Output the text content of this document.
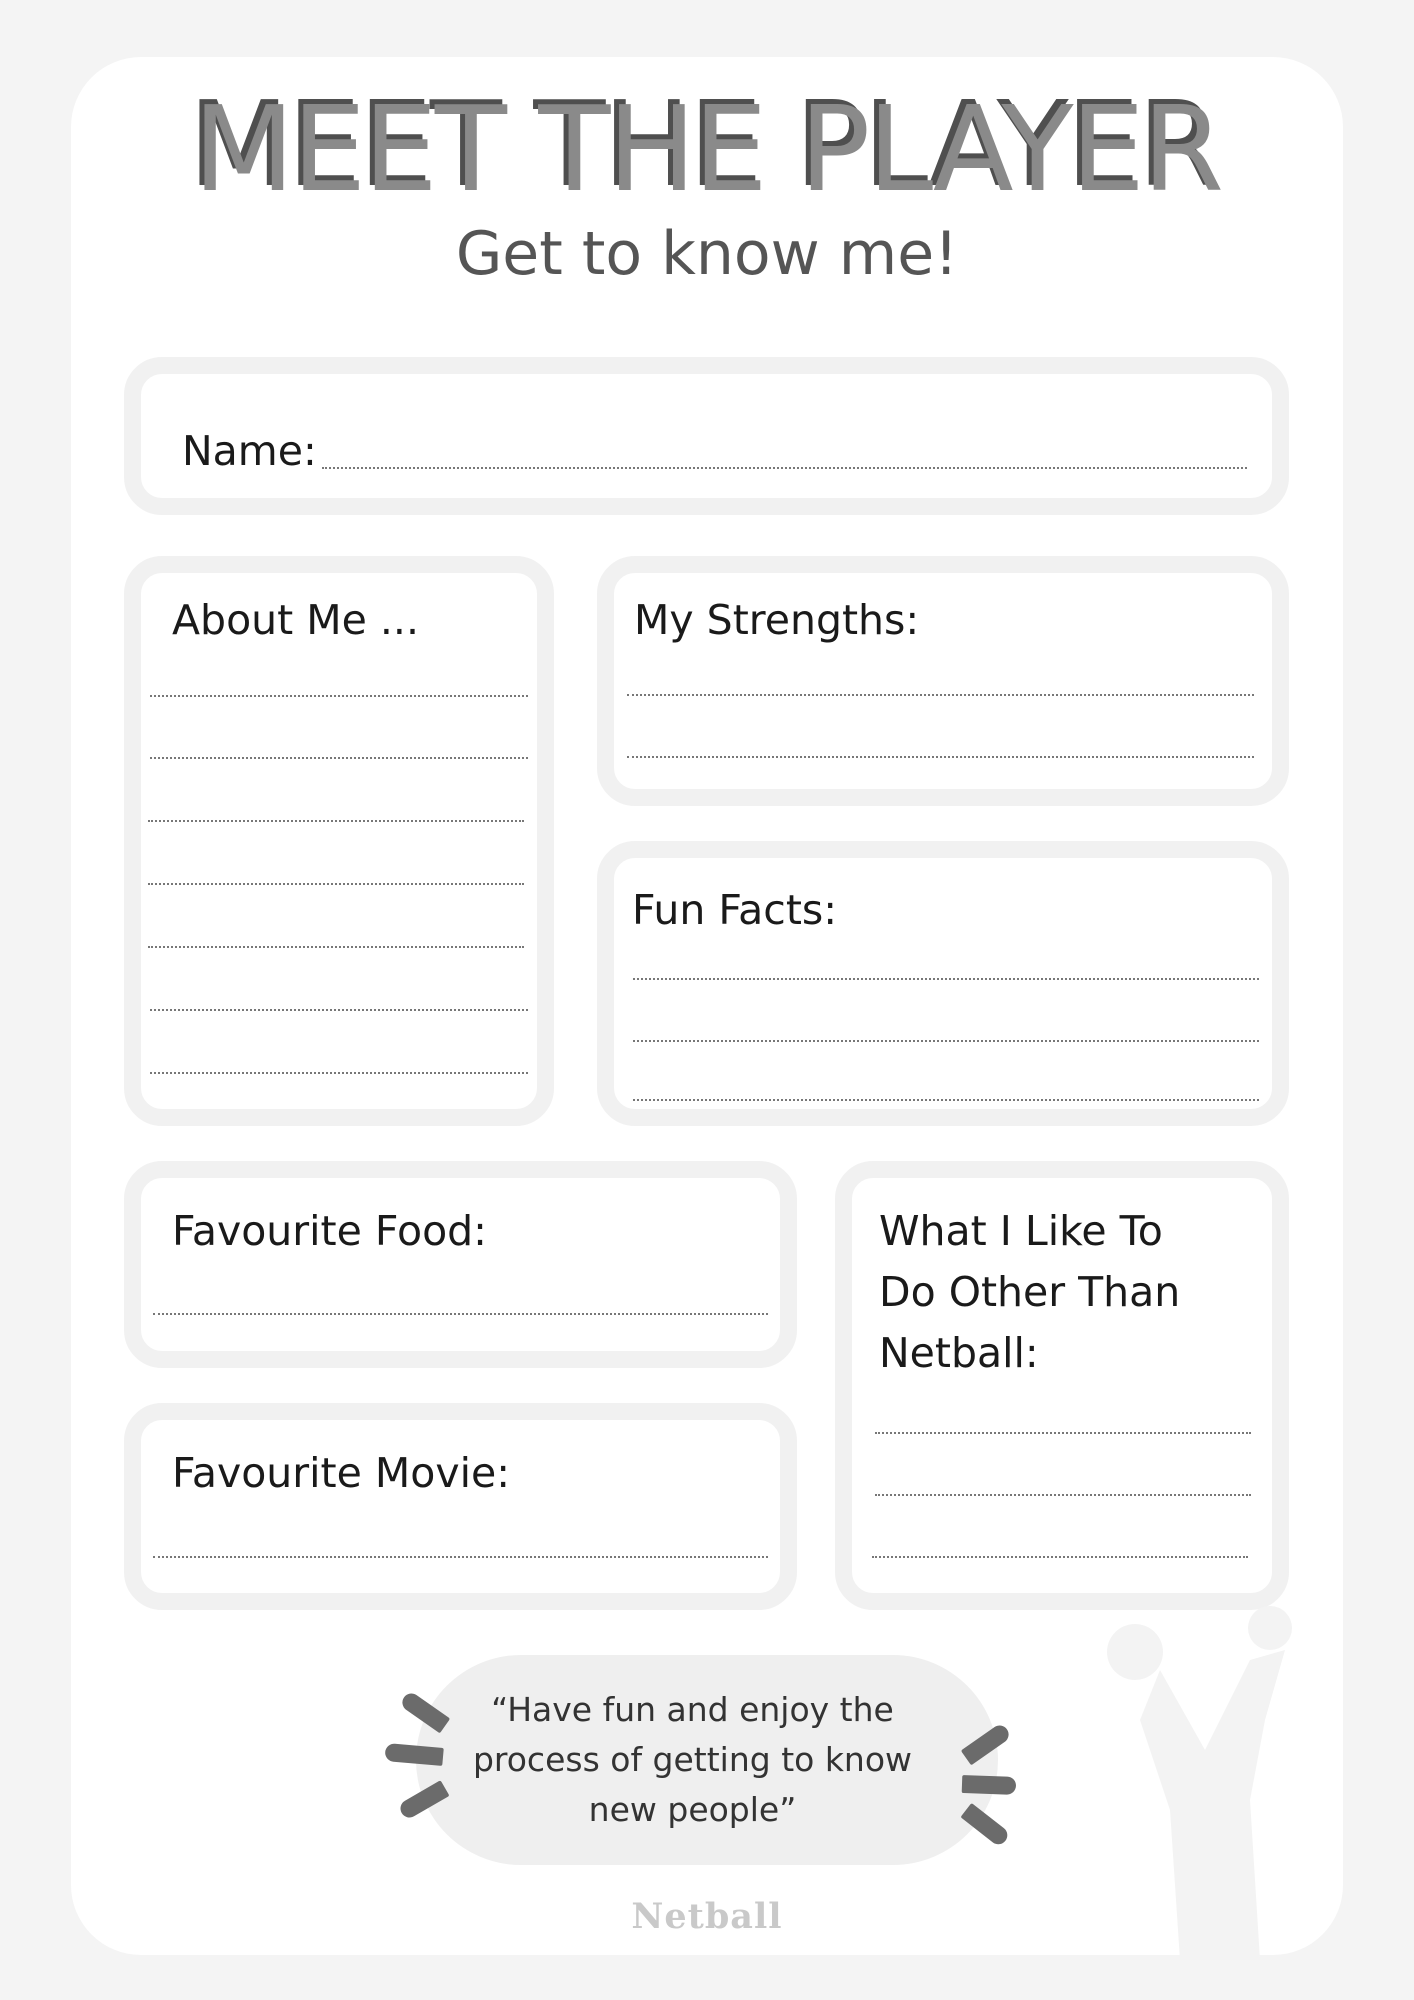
MEET THE PLAYER
Get to know me!
Name:
About Me ...	My Strengths:
Fun Facts:
Favourite Food:
Favourite Movie:
What I Like To
Do Other Than
Netball:
“Have fun and enjoy the
process of getting to know
new people”
Netball
